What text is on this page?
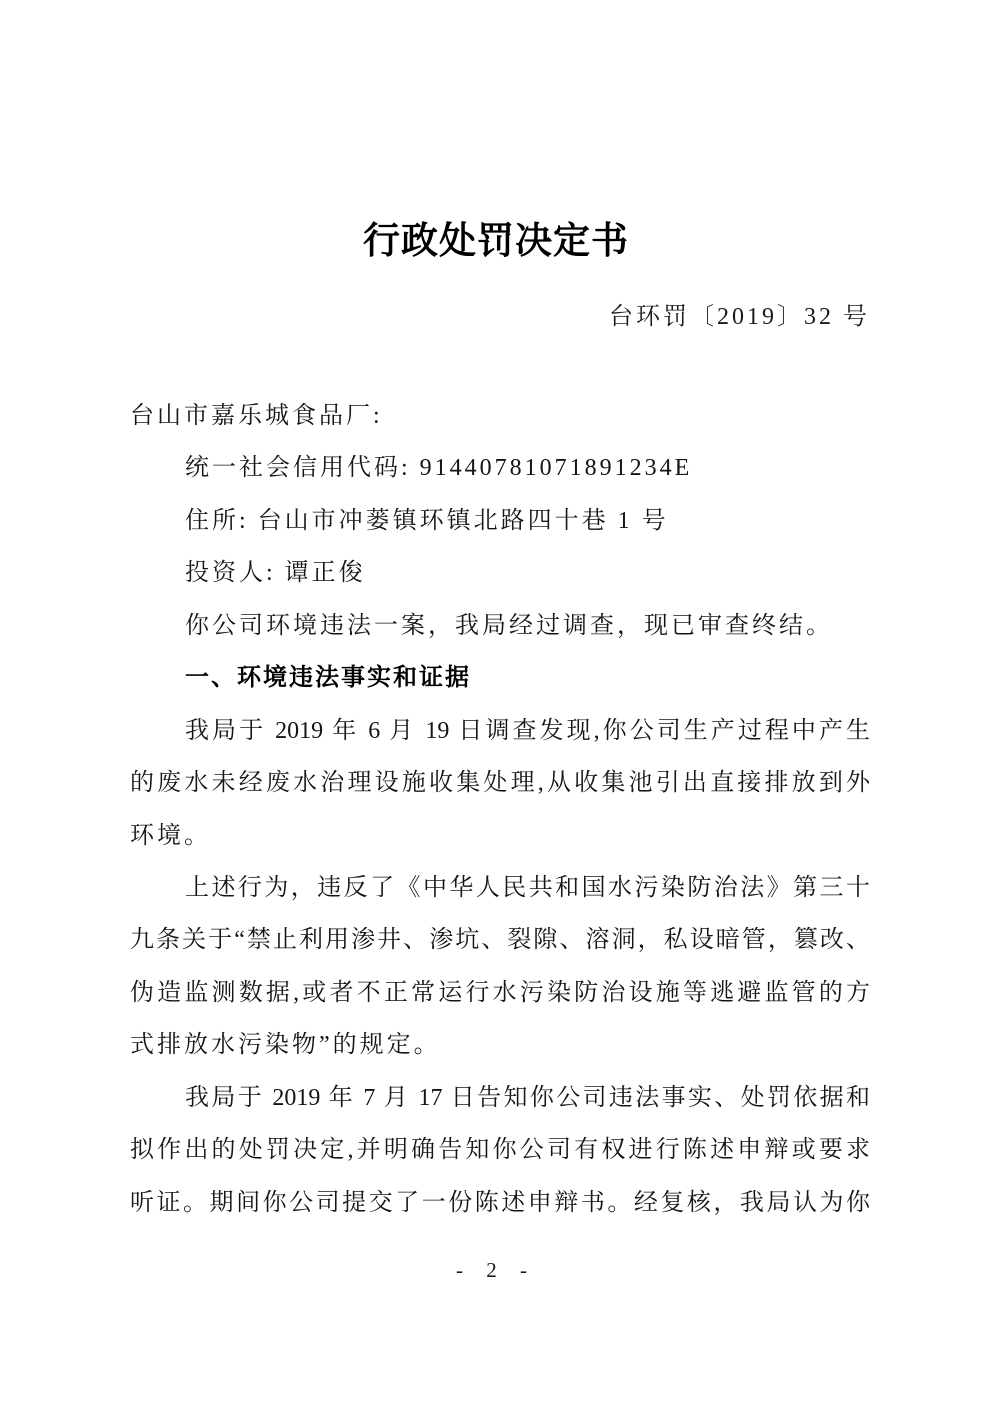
行政处罚决定书
台环罚〔2019〕32 号
台山市嘉乐城食品厂:
统一社会信用代码: 91440781071891234E
住所: 台山市冲蒌镇环镇北路四十巷 1 号
投资人: 谭正俊
你公司环境违法一案，我局经过调查，现已审查终结。
一、环境违法事实和证据
我局于 2019 年 6 月 19 日调查发现,你公司生产过程中产生
的废水未经废水治理设施收集处理,从收集池引出直接排放到外
环境。
上述行为，违反了《中华人民共和国水污染防治法》第三十
九条关于“禁止利用渗井、渗坑、裂隙、溶洞，私设暗管，篡改、
伪造监测数据,或者不正常运行水污染防治设施等逃避监管的方
式排放水污染物”的规定。
我局于 2019 年 7 月 17 日告知你公司违法事实、处罚依据和
拟作出的处罚决定,并明确告知你公司有权进行陈述申辩或要求
听证。期间你公司提交了一份陈述申辩书。经复核，我局认为你
- 2 -
